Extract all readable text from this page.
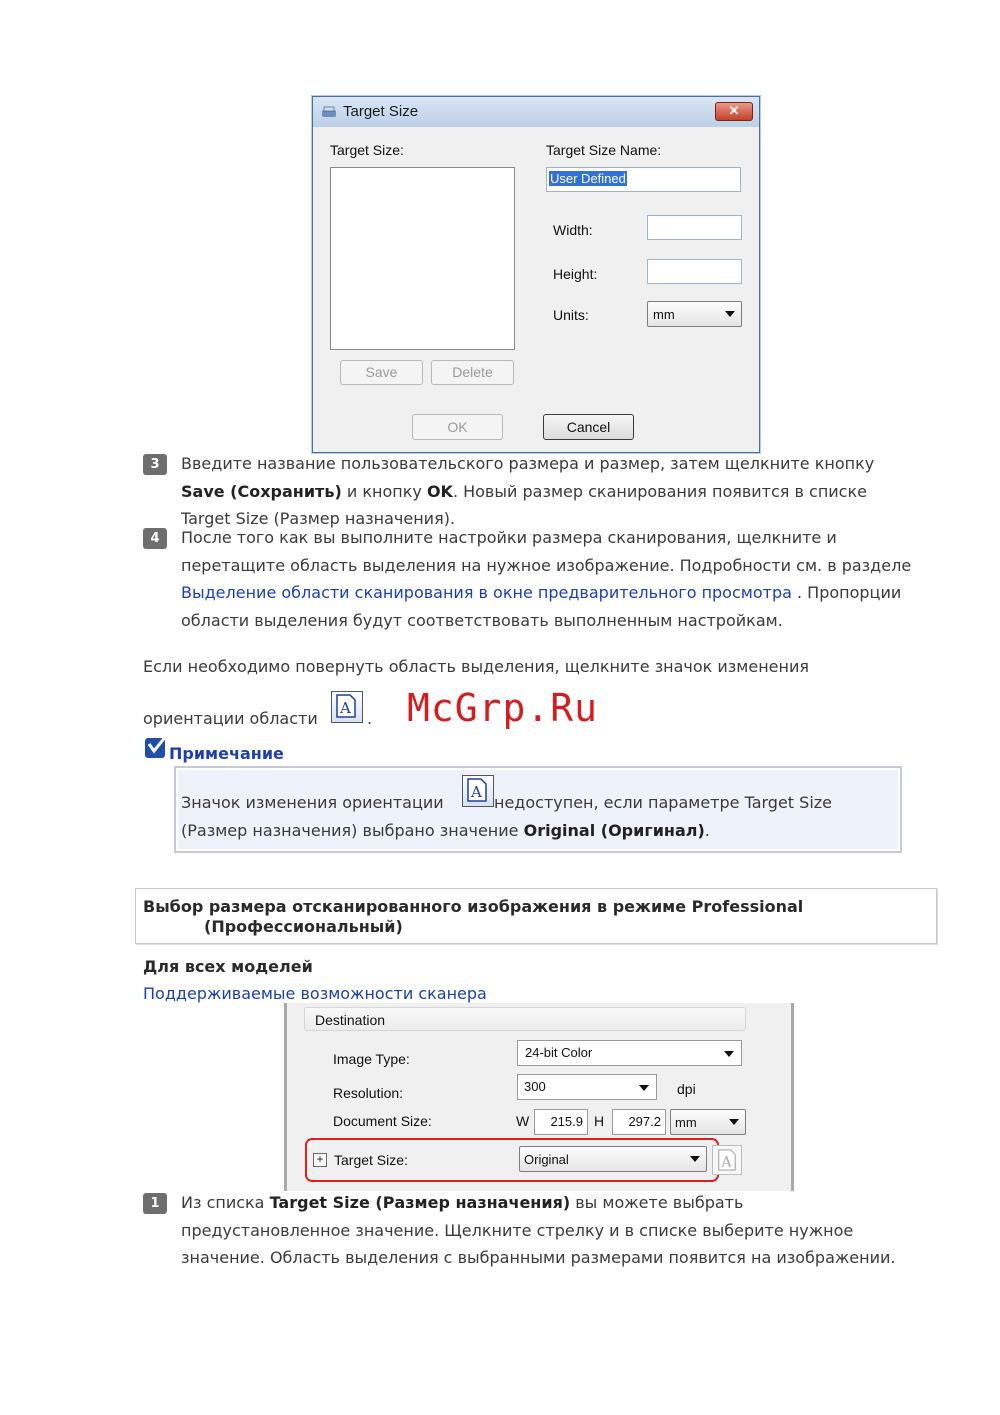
Target Size	✕
Target Size:	Target Size Name:
User Defined
Width:
Height:
Units:	mm
Save	Delete
OK	Cancel
3	Введите название пользовательского размера и размер, затем щелкните кнопку Save (Сохранить) и кнопку OK. Новый размер сканирования появится в списке Target Size (Размер назначения).
4	После того как вы выполните настройки размера сканирования, щелкните и перетащите область выделения на нужное изображение. Подробности см. в разделе Выделение области сканирования в окне предварительного просмотра . Пропорции области выделения будут соответствовать выполненным настройкам.
Если необходимо повернуть область выделения, щелкните значок изменения
ориентации области
A
. McGrp.Ru
Примечание
Значок изменения ориентации
A
недоступен, если параметре Target Size (Размер назначения) выбрано значение Original (Оригинал).
Выбор размера отсканированного изображения в режиме Professional
(Профессиональный)
Для всех моделей
Поддерживаемые возможности сканера
Destination
Image Type:	24-bit Color
Resolution:	300	dpi
Document Size:	W 215.9 H 297.2 mm
+ Target Size:	Original	A
1	Из списка Target Size (Размер назначения) вы можете выбрать предустановленное значение. Щелкните стрелку и в списке выберите нужное значение. Область выделения с выбранными размерами появится на изображении.
